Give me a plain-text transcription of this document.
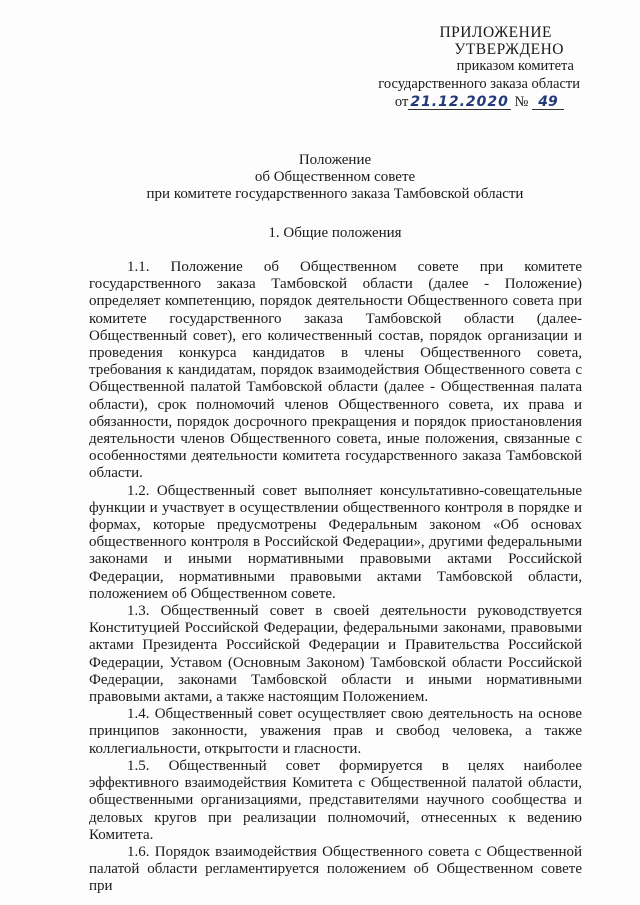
ПРИЛОЖЕНИЕ
УТВЕРЖДЕНО
приказом комитета
государственного заказа области
от 21.12.2020 № 49
Положение
об Общественном совете
при комитете государственного заказа Тамбовской области
1. Общие положения

1.1. Положение об Общественном совете при комитете государственного заказа Тамбовской области (далее - Положение) определяет компетенцию, порядок деятельности Общественного совета при комитете государственного заказа Тамбовской области (далее-Общественный совет), его количественный состав, порядок организации и проведения конкурса кандидатов в члены Общественного совета, требования к кандидатам, порядок взаимодействия Общественного совета с Общественной палатой Тамбовской области (далее - Общественная палата области), срок полномочий членов Общественного совета, их права и обязанности, порядок досрочного прекращения и порядок приостановления деятельности членов Общественного совета, иные положения, связанные с особенностями деятельности комитета государственного заказа Тамбовской области.

1.2. Общественный совет выполняет консультативно-совещательные функции и участвует в осуществлении общественного контроля в порядке и формах, которые предусмотрены Федеральным законом «Об основах общественного контроля в Российской Федерации», другими федеральными законами и иными нормативными правовыми актами Российской Федерации, нормативными правовыми актами Тамбовской области, положением об Общественном совете.

1.3. Общественный совет в своей деятельности руководствуется Конституцией Российской Федерации, федеральными законами, правовыми актами Президента Российской Федерации и Правительства Российской Федерации, Уставом (Основным Законом) Тамбовской области Российской Федерации, законами Тамбовской области и иными нормативными правовыми актами, а также настоящим Положением.

1.4. Общественный совет осуществляет свою деятельность на основе принципов законности, уважения прав и свобод человека, а также коллегиальности, открытости и гласности.

1.5. Общественный совет формируется в целях наиболее эффективного взаимодействия Комитета с Общественной палатой области, общественными организациями, представителями научного сообщества и деловых кругов при реализации полномочий, отнесенных к ведению Комитета.

1.6. Порядок взаимодействия Общественного совета с Общественной палатой области регламентируется положением об Общественном совете при
